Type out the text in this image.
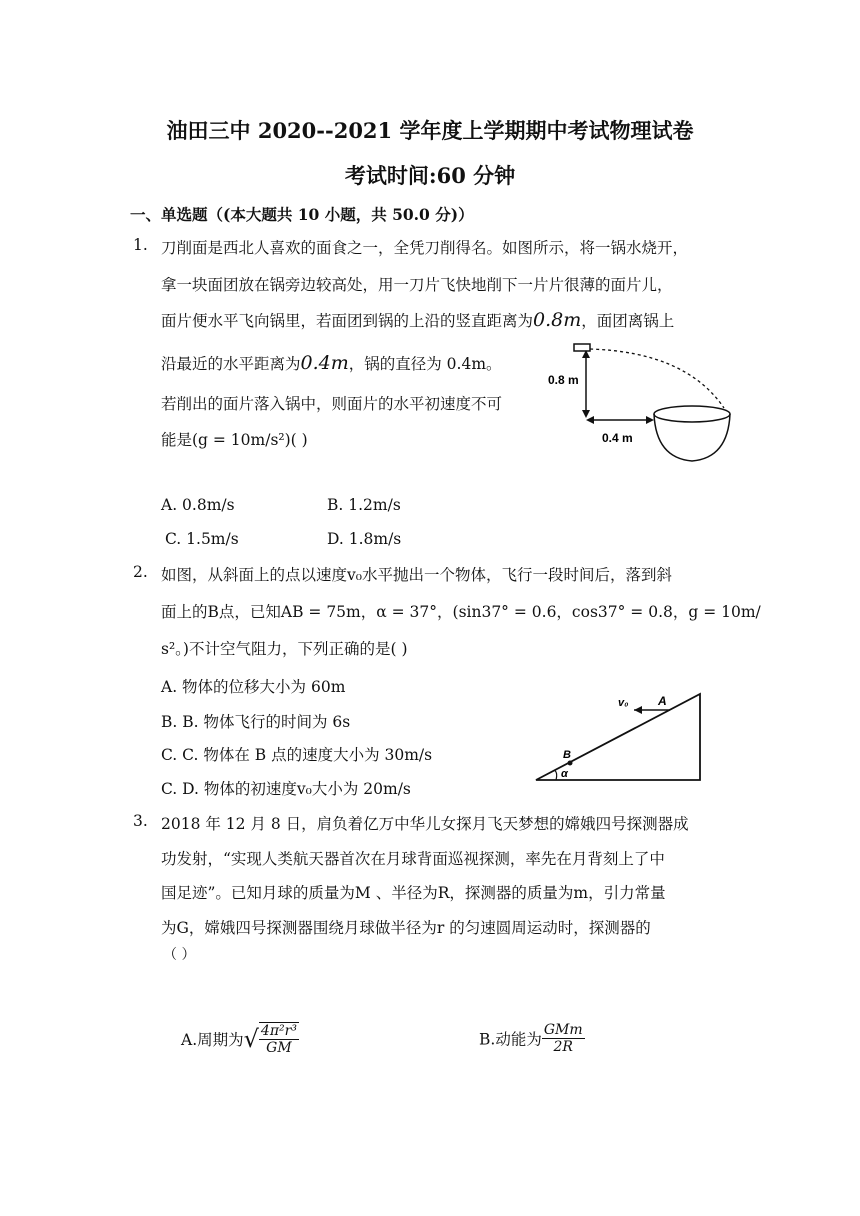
油田三中 2020--2021 学年度上学期期中考试物理试卷
考试时间:60 分钟
一、单选题（(本大题共 10 小题，共 50.0 分)）
1. 刀削面是西北人喜欢的面食之一，全凭刀削得名。如图所示，将一锅水烧开，
拿一块面团放在锅旁边较高处，用一刀片飞快地削下一片片很薄的面片儿，
面片便水平飞向锅里，若面团到锅的上沿的竖直距离为0.8m，面团离锅上
沿最近的水平距离为0.4m，锅的直径为 0.4m。
若削出的面片落入锅中，则面片的水平初速度不可
能是(g = 10m/s²)( )
0.8 m
0.4 m
A. 0.8m/s	B. 1.2m/s
C. 1.5m/s	D. 1.8m/s
2. 如图，从斜面上的点以速度v₀水平抛出一个物体，飞行一段时间后，落到斜
面上的B点，已知AB = 75m，α = 37°，(sin37° = 0.6，cos37° = 0.8，g = 10m/
s²。)不计空气阻力，下列正确的是( )
A. 物体的位移大小为 60m
B. B. 物体飞行的时间为 6s
C. C. 物体在 B 点的速度大小为 30m/s
C. D. 物体的初速度v₀大小为 20m/s
α
B
A
v₀
3. 2018 年 12 月 8 日，肩负着亿万中华儿女探月飞天梦想的嫦娥四号探测器成
功发射，“实现人类航天器首次在月球背面巡视探测，率先在月背刻上了中
国足迹”。已知月球的质量为M 、半径为R，探测器的质量为m，引力常量
为G，嫦娥四号探测器围绕月球做半径为r 的匀速圆周运动时，探测器的
（ ）
A.周期为√ $\frac{\text{4π²r³}}{GM}$	B.动能为 $\frac{\text{GMm}}{2R}$
